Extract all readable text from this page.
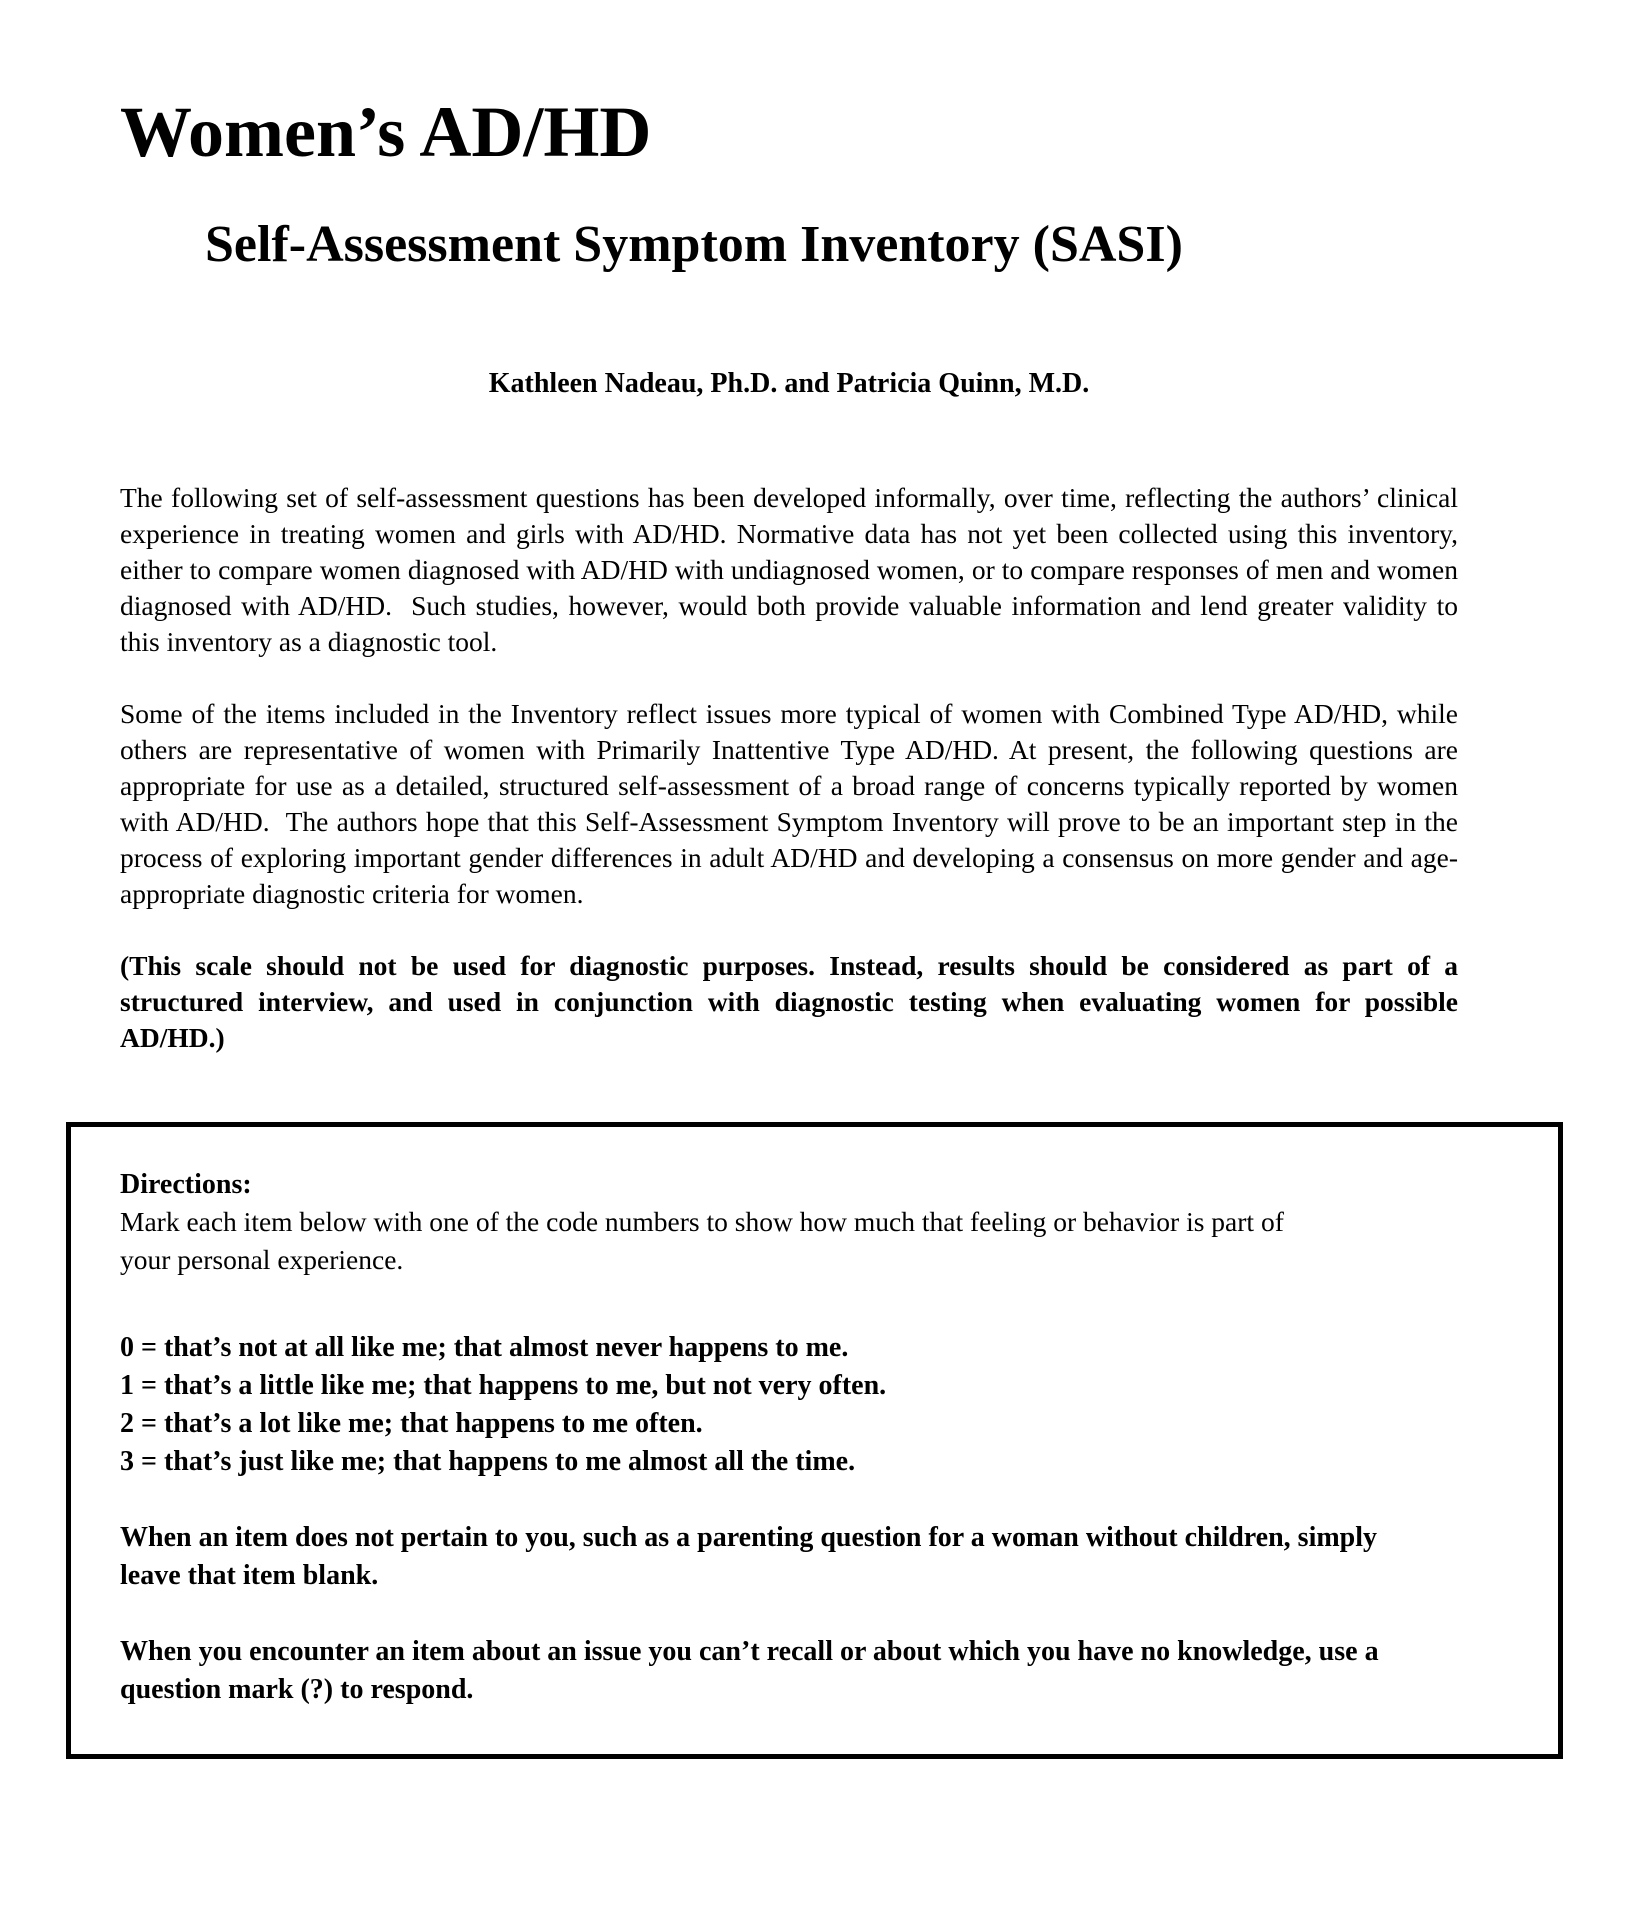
Women’s AD/HD
Self-Assessment Symptom Inventory (SASI)
Kathleen Nadeau, Ph.D. and Patricia Quinn, M.D.

The following set of self-assessment questions has been developed informally, over time, reflecting the authors’ clinical experience in treating women and girls with AD/HD. Normative data has not yet been collected using this inventory, either to compare women diagnosed with AD/HD with undiagnosed women, or to compare responses of men and women diagnosed with AD/HD.  Such studies, however, would both provide valuable information and lend greater validity to this inventory as a diagnostic tool.

Some of the items included in the Inventory reflect issues more typical of women with Combined Type AD/HD, while others are representative of women with Primarily Inattentive Type AD/HD. At present, the following questions are appropriate for use as a detailed, structured self-assessment of a broad range of concerns typically reported by women with AD/HD.  The authors hope that this Self-Assessment Symptom Inventory will prove to be an important step in the process of exploring important gender differences in adult AD/HD and developing a consensus on more gender and age-appropriate diagnostic criteria for women.

(This scale should not be used for diagnostic purposes. Instead, results should be considered as part of a structured interview, and used in conjunction with diagnostic testing when evaluating women for possible AD/HD.)

Directions:
Mark each item below with one of the code numbers to show how much that feeling or behavior is part of your personal experience.
0 = that’s not at all like me; that almost never happens to me.
1 = that’s a little like me; that happens to me, but not very often.
2 = that’s a lot like me; that happens to me often.
3 = that’s just like me; that happens to me almost all the time.

When an item does not pertain to you, such as a parenting question for a woman without children, simply leave that item blank.

When you encounter an item about an issue you can’t recall or about which you have no knowledge, use a question mark (?) to respond.
